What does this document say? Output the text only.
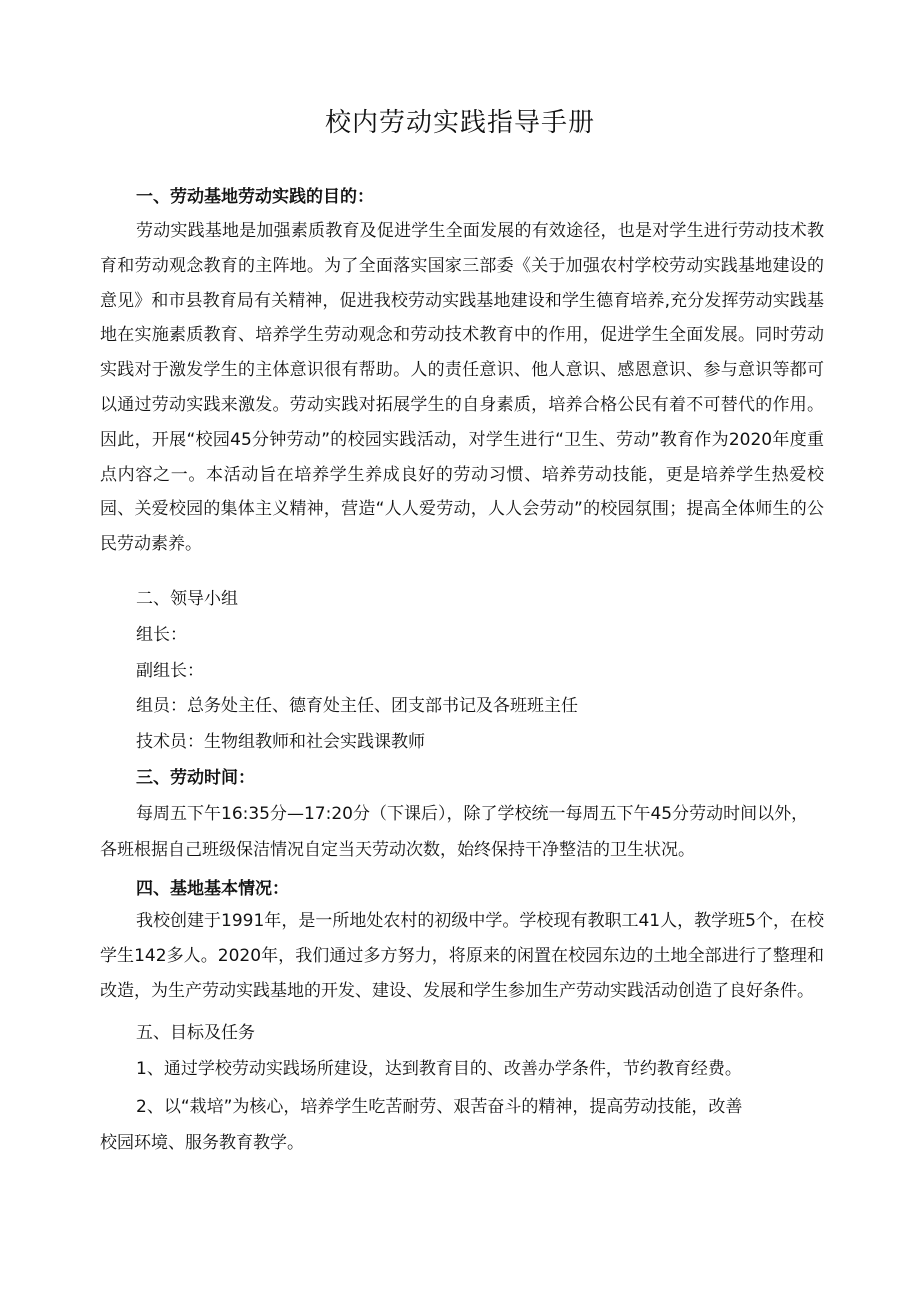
校内劳动实践指导手册
一、劳动基地劳动实践的目的：

劳动实践基地是加强素质教育及促进学生全面发展的有效途径，也是对学生进行劳动技术教育和劳动观念教育的主阵地。为了全面落实国家三部委《关于加强农村学校劳动实践基地建设的意见》和市县教育局有关精神，促进我校劳动实践基地建设和学生德育培养,充分发挥劳动实践基地在实施素质教育、培养学生劳动观念和劳动技术教育中的作用，促进学生全面发展。同时劳动实践对于激发学生的主体意识很有帮助。人的责任意识、他人意识、感恩意识、参与意识等都可以通过劳动实践来激发。劳动实践对拓展学生的自身素质，培养合格公民有着不可替代的作用。因此，开展“校园45分钟劳动”的校园实践活动，对学生进行“卫生、劳动”教育作为2020年度重点内容之一。本活动旨在培养学生养成良好的劳动习惯、培养劳动技能，更是培养学生热爱校园、关爱校园的集体主义精神，营造“人人爱劳动，人人会劳动”的校园氛围；提高全体师生的公民劳动素养。

二、领导小组
组长：
副组长：
组员：总务处主任、德育处主任、团支部书记及各班班主任
技术员：生物组教师和社会实践课教师
三、劳动时间：
每周五下午16:35分—17:20分（下课后），除了学校统一每周五下午45分劳动时间以外，
各班根据自己班级保洁情况自定当天劳动次数，始终保持干净整洁的卫生状况。
四、基地基本情况：

我校创建于1991年，是一所地处农村的初级中学。学校现有教职工41人，教学班5个，在校学生142多人。2020年，我们通过多方努力，将原来的闲置在校园东边的土地全部进行了整理和改造，为生产劳动实践基地的开发、建设、发展和学生参加生产劳动实践活动创造了良好条件。

五、目标及任务
1、通过学校劳动实践场所建设，达到教育目的、改善办学条件，节约教育经费。
2、以“栽培”为核心，培养学生吃苦耐劳、艰苦奋斗的精神，提高劳动技能，改善
校园环境、服务教育教学。
